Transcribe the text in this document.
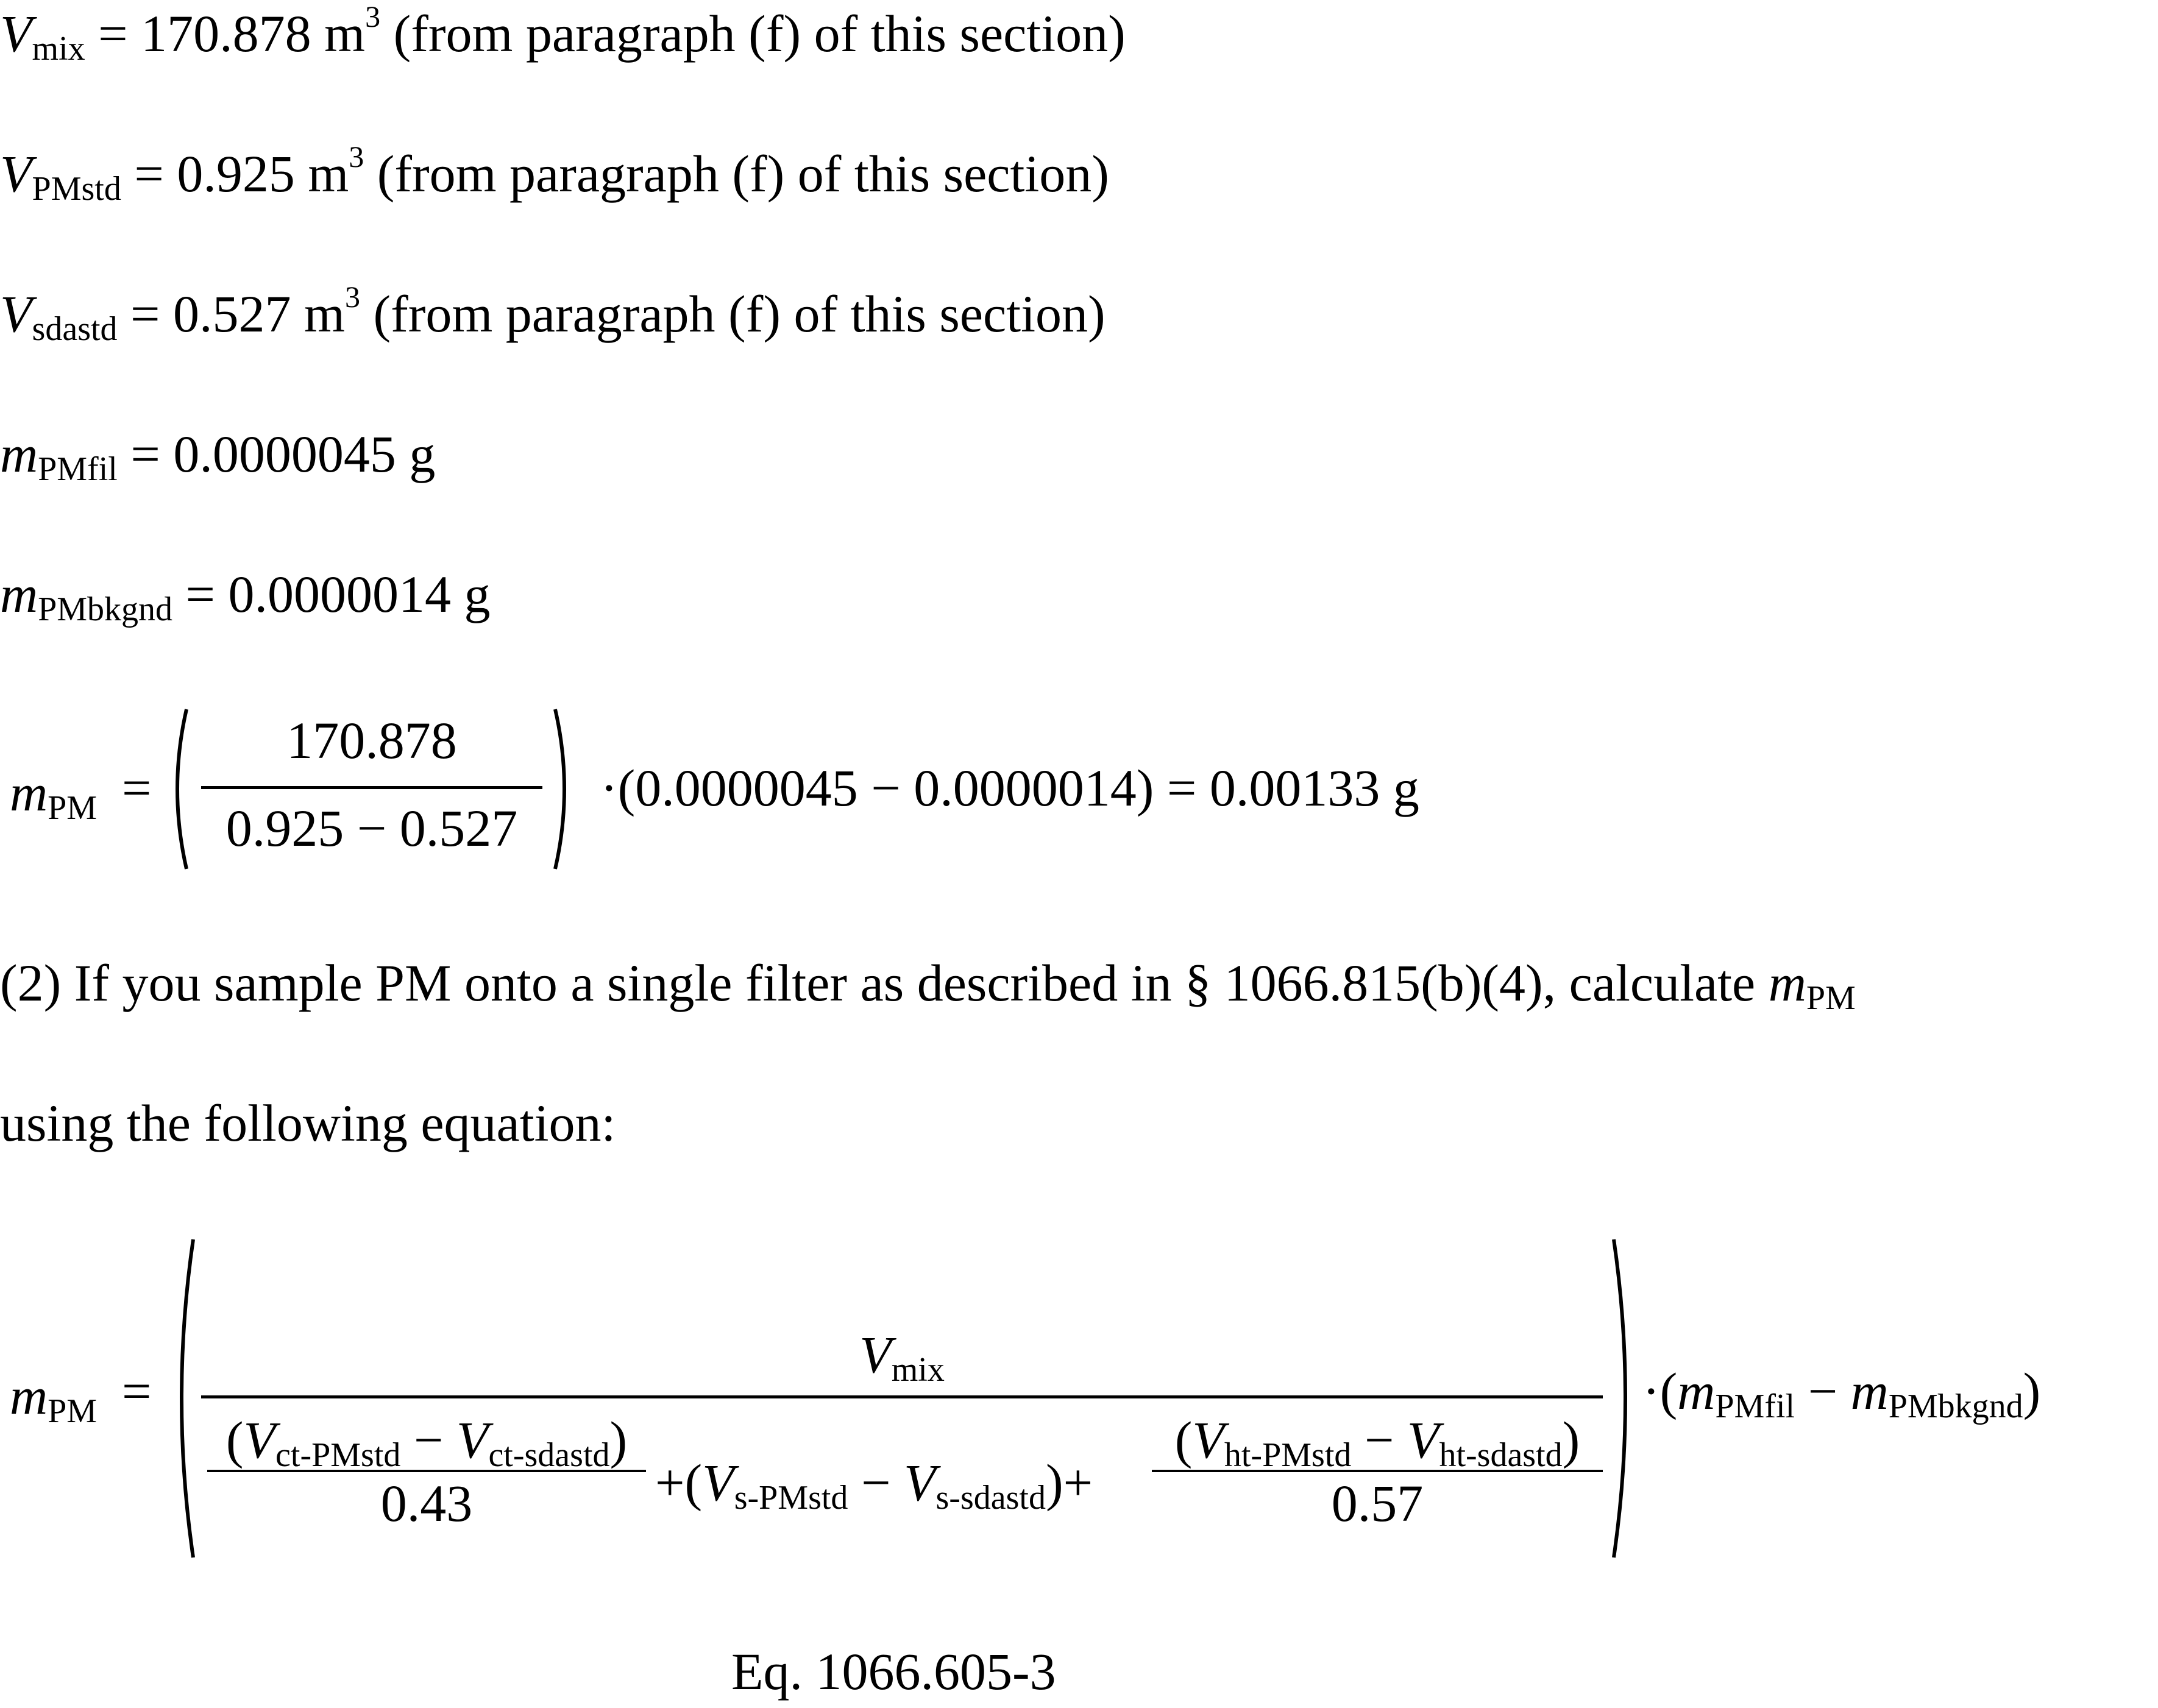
Vmix = 170.878 $m^3$ (from paragraph (f) of this section)
VPMstd = 0.925 $m^3$ (from paragraph (f) of this section)
Vsdastd = 0.527 $m^3$ (from paragraph (f) of this section)
mPMfil = 0.0000045 g
mPMbkgnd = 0.0000014 g
mPM =
170.878
0.925 − 0.527
·(0.0000045 − 0.0000014) = 0.00133 g
(2) If you sample PM onto a single filter as described in § 1066.815(b)(4), calculate mPM
using the following equation:
mPM =
Vmix
(Vct-PMstd − Vct-sdastd)
0.43	+(Vs-PMstd − Vs-sdastd)+
(Vht-PMstd − Vht-sdastd)
0.57
·(mPMfil − mPMbkgnd)
Eq. 1066.605-3
